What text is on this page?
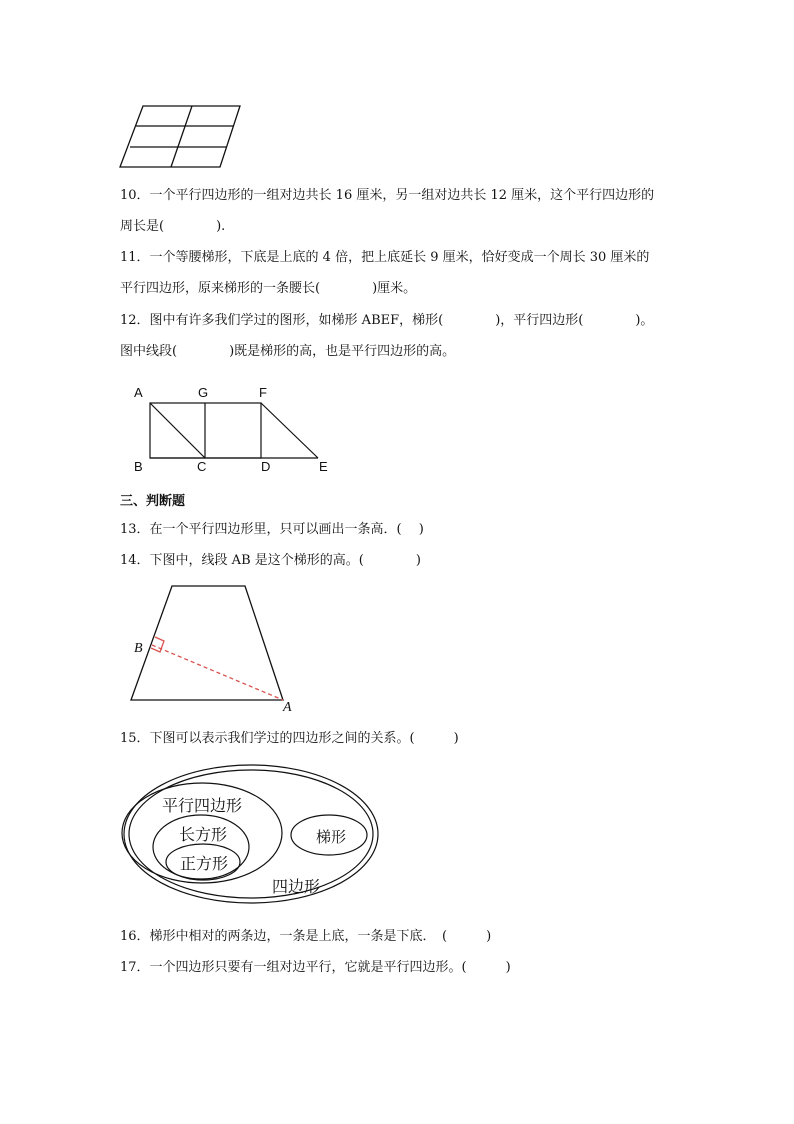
10．一个平行四边形的一组对边共长 16 厘米，另一组对边共长 12 厘米，这个平行四边形的
周长是(　　　　).
11．一个等腰梯形，下底是上底的 4 倍，把上底延长 9 厘米，恰好变成一个周长 30 厘米的
平行四边形，原来梯形的一条腰长(　　　　)厘米。
12．图中有许多我们学过的图形，如梯形 ABEF，梯形(　　　　)，平行四边形(　　　　)。
图中线段(　　　　)既是梯形的高，也是平行四边形的高。
A	G	F
B	C	D	E
三、判断题
13．在一个平行四边形里，只可以画出一条高．(　 )
14．下图中，线段 AB 是这个梯形的高。(　　　　)
B
A
15．下图可以表示我们学过的四边形之间的关系。(　　　)
平行四边形
长方形
正方形
梯形
四边形
16．梯形中相对的两条边，一条是上底，一条是下底．　(　　　)
17．一个四边形只要有一组对边平行，它就是平行四边形。(　　　)
